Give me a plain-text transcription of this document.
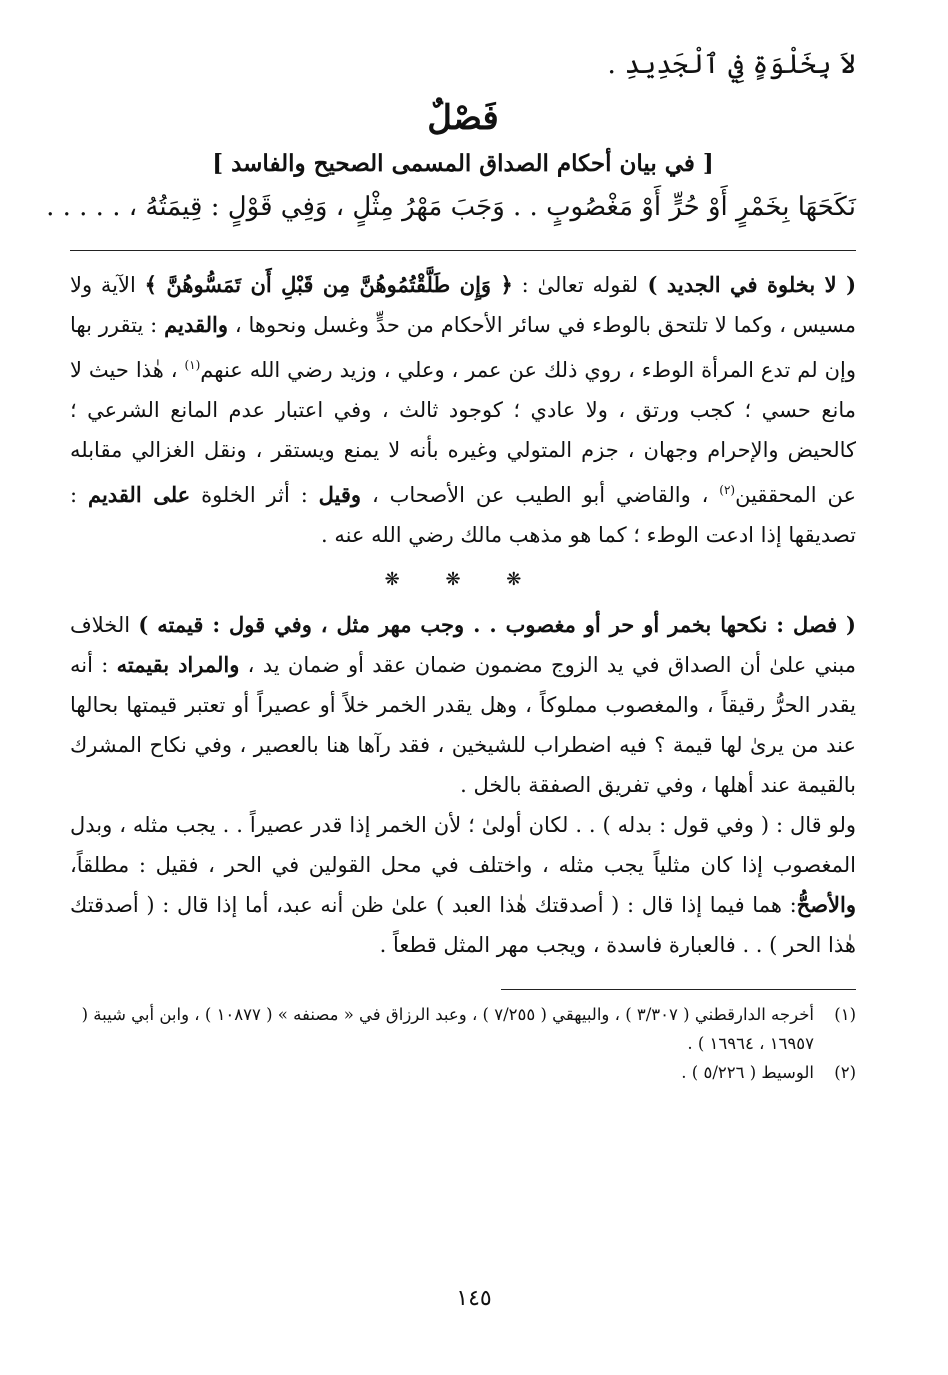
لاَ بِخَلْوَةٍ فِي ٱلْجَدِيدِ .
فَصْلٌ
[ في بيان أحكام الصداق المسمى الصحيح والفاسد ]
نَكَحَهَا بِخَمْرٍ أَوْ حُرٍّ أَوْ مَغْصُوبٍ . . وَجَبَ مَهْرُ مِثْلٍ ، وَفِي قَوْلٍ : قِيمَتُهُ ، . . . . .

( لا بخلوة في الجديد ) لقوله تعالىٰ : ﴿ وَإِن طَلَّقْتُمُوهُنَّ مِن قَبْلِ أَن تَمَسُّوهُنَّ ﴾ الآية ولا مسيس ، وكما لا تلتحق بالوطء في سائر الأحكام من حدٍّ وغسل ونحوها ، والقديم : يتقرر بها وإن لم تدع المرأة الوطء ، روي ذلك عن عمر ، وعلي ، وزيد رضي الله عنهم$^{(١)}$ ، هٰذا حيث لا مانع حسي ؛ كجب ورتق ، ولا عادي ؛ كوجود ثالث ، وفي اعتبار عدم المانع الشرعي ؛ كالحيض والإحرام وجهان ، جزم المتولي وغيره بأنه لا يمنع ويستقر ، ونقل الغزالي مقابله عن المحققين$^{(٢)}$ ، والقاضي أبو الطيب عن الأصحاب ، وقيل : أثر الخلوة على القديم : تصديقها إذا ادعت الوطء ؛ كما هو مذهب مالك رضي الله عنه .

❋ ❋ ❋

( فصل : نكحها بخمر أو حر أو مغصوب . . وجب مهر مثل ، وفي قول : قيمته ) الخلاف مبني علىٰ أن الصداق في يد الزوج مضمون ضمان عقد أو ضمان يد ، والمراد بقيمته : أنه يقدر الحرُّ رقيقاً ، والمغصوب مملوكاً ، وهل يقدر الخمر خلاً أو عصيراً أو تعتبر قيمتها بحالها عند من يرىٰ لها قيمة ؟ فيه اضطراب للشيخين ، فقد رآها هنا بالعصير ، وفي نكاح المشرك بالقيمة عند أهلها ، وفي تفريق الصفقة بالخل .

ولو قال : ( وفي قول : بدله ) . . لكان أولىٰ ؛ لأن الخمر إذا قدر عصيراً . . يجب مثله ، وبدل المغصوب إذا كان مثلياً يجب مثله ، واختلف في محل القولين في الحر ، فقيل : مطلقاً، والأصحُّ: هما فيما إذا قال : ( أصدقتك هٰذا العبد ) علىٰ ظن أنه عبد، أما إذا قال : ( أصدقتك هٰذا الحر ) . . فالعبارة فاسدة ، ويجب مهر المثل قطعاً .

(١)
أخرجه الدارقطني ( ٣/٣٠٧ ) ، والبيهقي ( ٧/٢٥٥ ) ، وعبد الرزاق في « مصنفه » ( ١٠٨٧٧ ) ، وابن أبي شيبة ( ١٦٩٥٧ ، ١٦٩٦٤ ) .
(٢)
الوسيط ( ٥/٢٢٦ ) .
١٤٥
